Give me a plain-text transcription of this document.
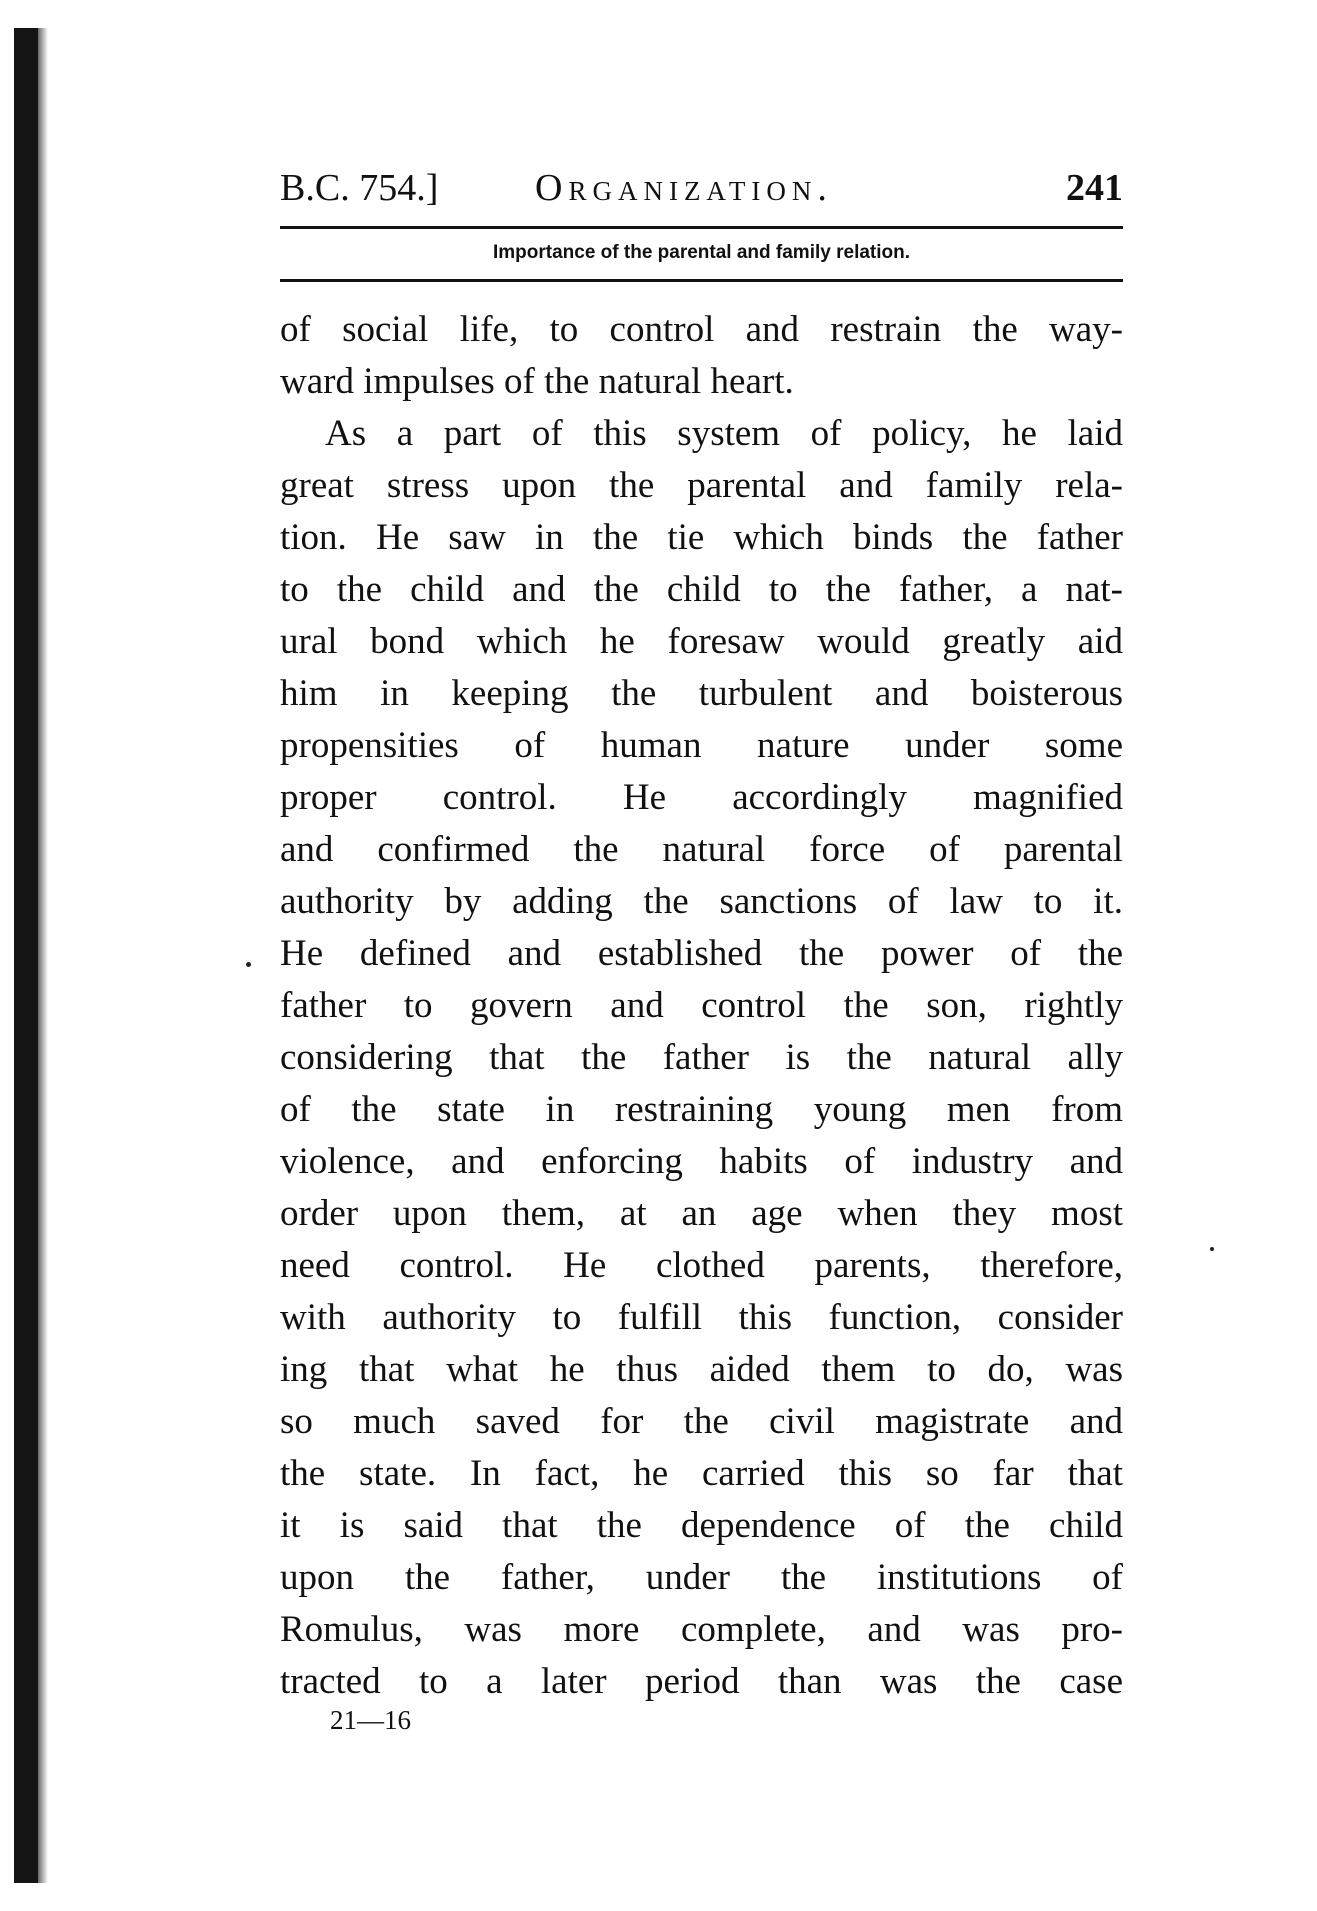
B.C. 754.]	Organization.	241
Importance of the parental and family relation.
of social life, to control and restrain the way-
ward impulses of the natural heart.
As a part of this system of policy, he laid
great stress upon the parental and family rela-
tion. He saw in the tie which binds the father
to the child and the child to the father, a nat-
ural bond which he foresaw would greatly aid
him in keeping the turbulent and boisterous
propensities of human nature under some
proper control. He accordingly magnified
and confirmed the natural force of parental
authority by adding the sanctions of law to it.
He defined and established the power of the
father to govern and control the son, rightly
considering that the father is the natural ally
of the state in restraining young men from
violence, and enforcing habits of industry and
order upon them, at an age when they most
need control. He clothed parents, therefore,
with authority to fulfill this function, consider
ing that what he thus aided them to do, was
so much saved for the civil magistrate and
the state. In fact, he carried this so far that
it is said that the dependence of the child
upon the father, under the institutions of
Romulus, was more complete, and was pro-
tracted to a later period than was the case
21—16
